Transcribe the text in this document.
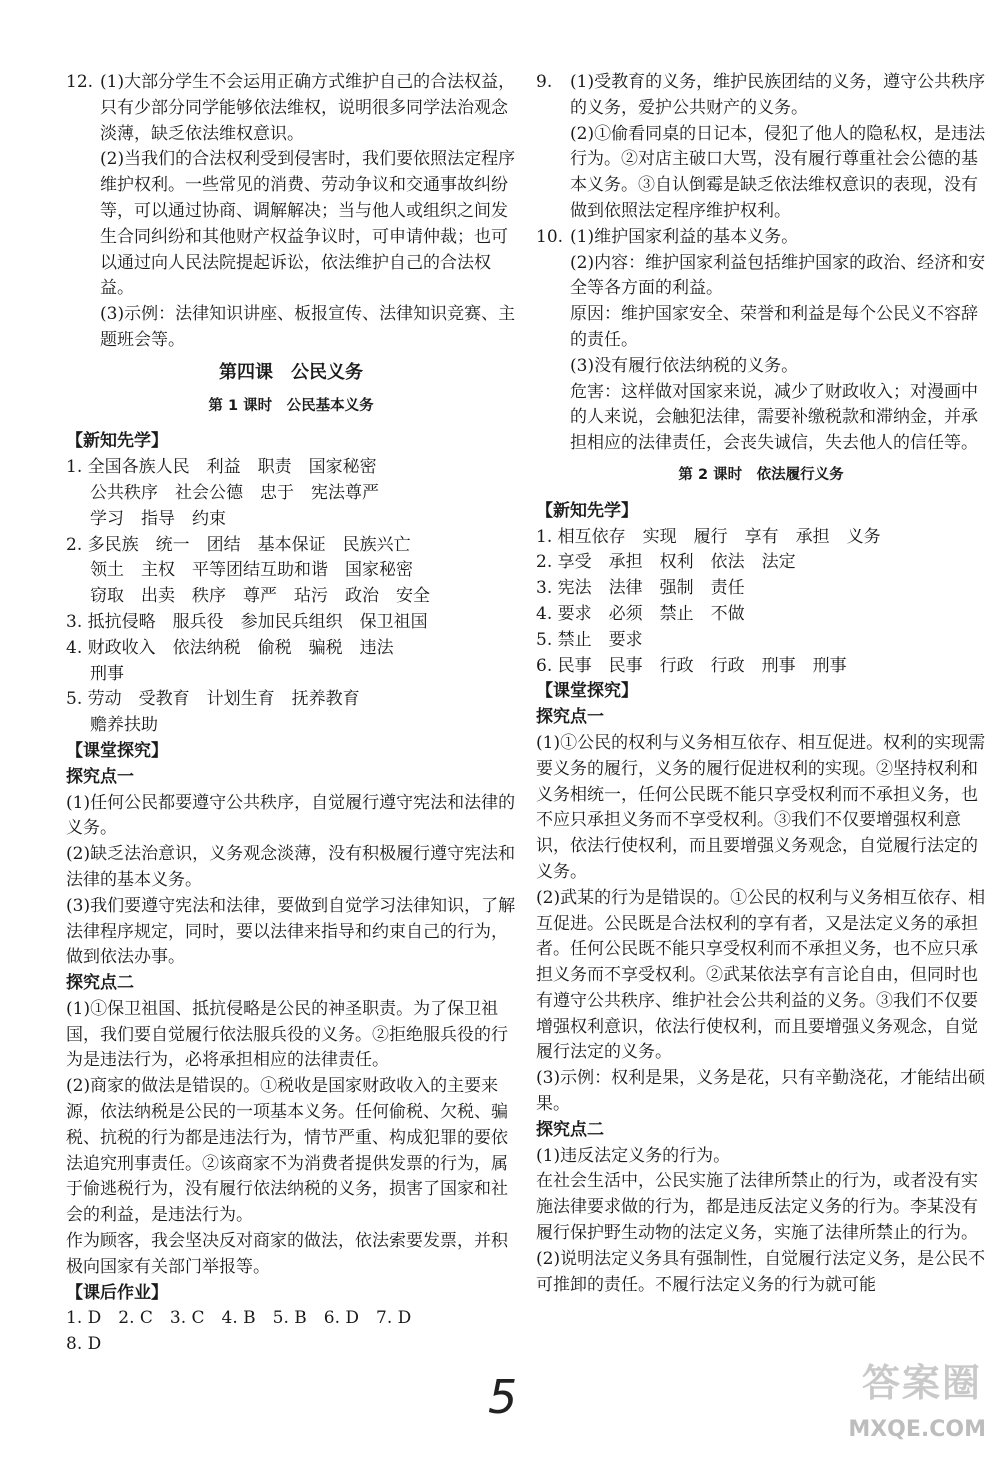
12. (1)大部分学生不会运用正确方式维护自己的合法权益，只有少部分同学能够依法维权，说明很多同学法治观念淡薄，缺乏依法维权意识。

(2)当我们的合法权利受到侵害时，我们要依照法定程序维护权利。一些常见的消费、劳动争议和交通事故纠纷等，可以通过协商、调解解决；当与他人或组织之间发生合同纠纷和其他财产权益争议时，可申请仲裁；也可以通过向人民法院提起诉讼，依法维护自己的合法权益。

(3)示例：法律知识讲座、板报宣传、法律知识竞赛、主题班会等。

第四课　公民义务
第 1 课时　公民基本义务
【新知先学】

1. 全国各族人民　利益　职责　国家秘密

公共秩序　社会公德　忠于　宪法尊严

学习　指导　约束

2. 多民族　统一　团结　基本保证　民族兴亡

领土　主权　平等团结互助和谐　国家秘密

窃取　出卖　秩序　尊严　玷污　政治　安全

3. 抵抗侵略　服兵役　参加民兵组织　保卫祖国

4. 财政收入　依法纳税　偷税　骗税　违法

刑事

5. 劳动　受教育　计划生育　抚养教育

赡养扶助

【课堂探究】
探究点一

(1)任何公民都要遵守公共秩序，自觉履行遵守宪法和法律的义务。

(2)缺乏法治意识，义务观念淡薄，没有积极履行遵守宪法和法律的基本义务。

(3)我们要遵守宪法和法律，要做到自觉学习法律知识，了解法律程序规定，同时，要以法律来指导和约束自己的行为，做到依法办事。

探究点二

(1)①保卫祖国、抵抗侵略是公民的神圣职责。为了保卫祖国，我们要自觉履行依法服兵役的义务。②拒绝服兵役的行为是违法行为，必将承担相应的法律责任。

(2)商家的做法是错误的。①税收是国家财政收入的主要来源，依法纳税是公民的一项基本义务。任何偷税、欠税、骗税、抗税的行为都是违法行为，情节严重、构成犯罪的要依法追究刑事责任。②该商家不为消费者提供发票的行为，属于偷逃税行为，没有履行依法纳税的义务，损害了国家和社会的利益，是违法行为。

作为顾客，我会坚决反对商家的做法，依法索要发票，并积极向国家有关部门举报等。

【课后作业】

1. D　2. C　3. C　4. B　5. B　6. D　7. D

8. D

9. (1)受教育的义务，维护民族团结的义务，遵守公共秩序的义务，爱护公共财产的义务。

(2)①偷看同桌的日记本，侵犯了他人的隐私权，是违法行为。②对店主破口大骂，没有履行尊重社会公德的基本义务。③自认倒霉是缺乏依法维权意识的表现，没有做到依照法定程序维护权利。

10. (1)维护国家利益的基本义务。

(2)内容：维护国家利益包括维护国家的政治、经济和安全等各方面的利益。

原因：维护国家安全、荣誉和利益是每个公民义不容辞的责任。

(3)没有履行依法纳税的义务。

危害：这样做对国家来说，减少了财政收入；对漫画中的人来说，会触犯法律，需要补缴税款和滞纳金，并承担相应的法律责任，会丧失诚信，失去他人的信任等。

第 2 课时　依法履行义务
【新知先学】

1. 相互依存　实现　履行　享有　承担　义务

2. 享受　承担　权利　依法　法定

3. 宪法　法律　强制　责任

4. 要求　必须　禁止　不做

5. 禁止　要求

6. 民事　民事　行政　行政　刑事　刑事

【课堂探究】
探究点一

(1)①公民的权利与义务相互依存、相互促进。权利的实现需要义务的履行，义务的履行促进权利的实现。②坚持权利和义务相统一，任何公民既不能只享受权利而不承担义务，也不应只承担义务而不享受权利。③我们不仅要增强权利意识，依法行使权利，而且要增强义务观念，自觉履行法定的义务。

(2)武某的行为是错误的。①公民的权利与义务相互依存、相互促进。公民既是合法权利的享有者，又是法定义务的承担者。任何公民既不能只享受权利而不承担义务，也不应只承担义务而不享受权利。②武某依法享有言论自由，但同时也有遵守公共秩序、维护社会公共利益的义务。③我们不仅要增强权利意识，依法行使权利，而且要增强义务观念，自觉履行法定的义务。

(3)示例：权利是果，义务是花，只有辛勤浇花，才能结出硕果。

探究点二

(1)违反法定义务的行为。

在社会生活中，公民实施了法律所禁止的行为，或者没有实施法律要求做的行为，都是违反法定义务的行为。李某没有履行保护野生动物的法定义务，实施了法律所禁止的行为。

(2)说明法定义务具有强制性，自觉履行法定义务，是公民不可推卸的责任。不履行法定义务的行为就可能

5	答案圈
MXQE.COM
